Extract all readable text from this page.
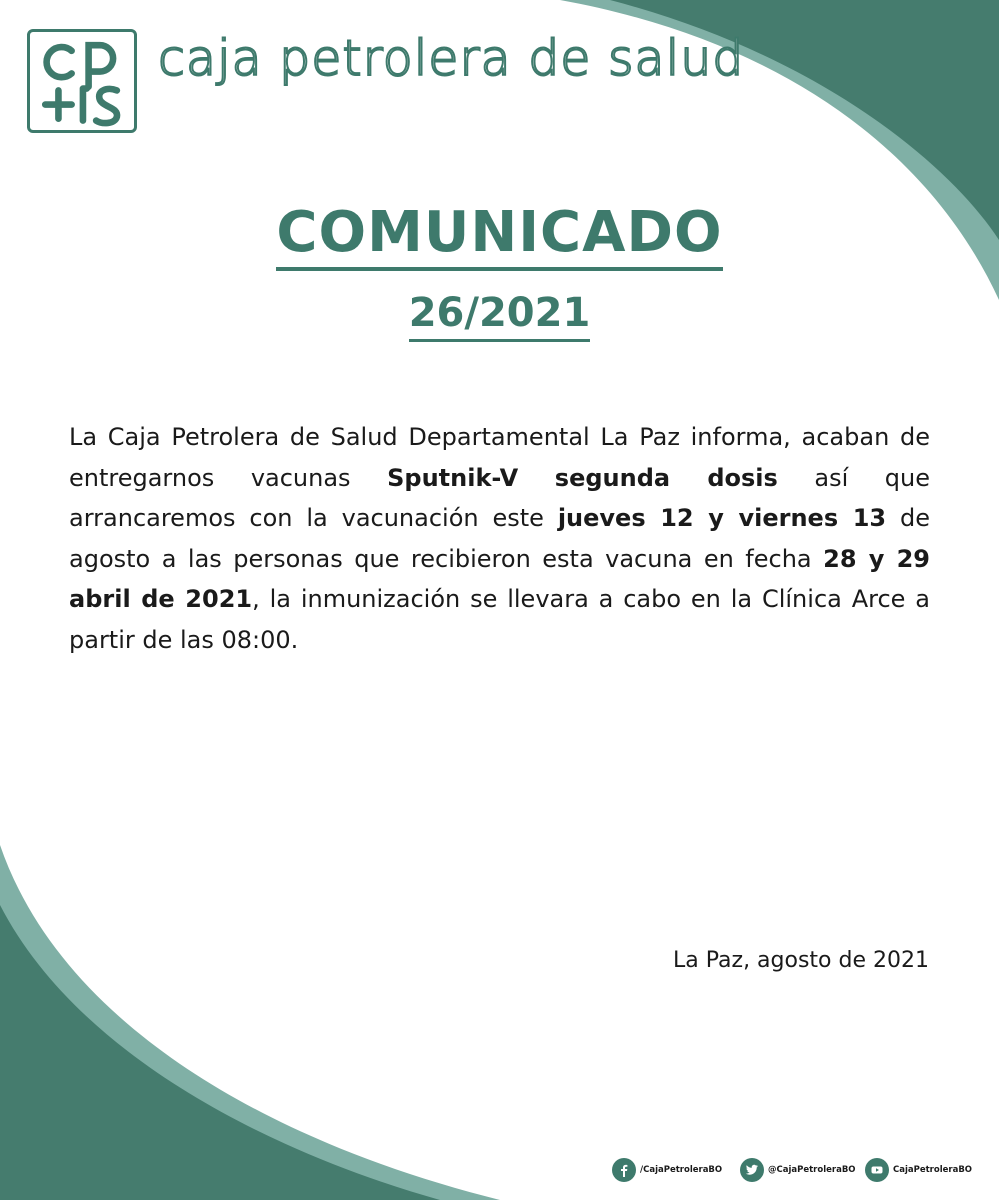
caja petrolera de salud
COMUNICADO
26/2021
La Caja Petrolera de Salud Departamental La Paz informa, acaban de entregarnos vacunas Sputnik-V segunda dosis así que arrancaremos con la vacunación este jueves 12 y viernes 13 de agosto a las personas que recibieron esta vacuna en fecha 28 y 29 abril de 2021, la inmunización se llevara a cabo en la Clínica Arce a partir de las 08:00.
La Paz, agosto de 2021
/CajaPetroleraBO	@CajaPetroleraBO	CajaPetroleraBO
